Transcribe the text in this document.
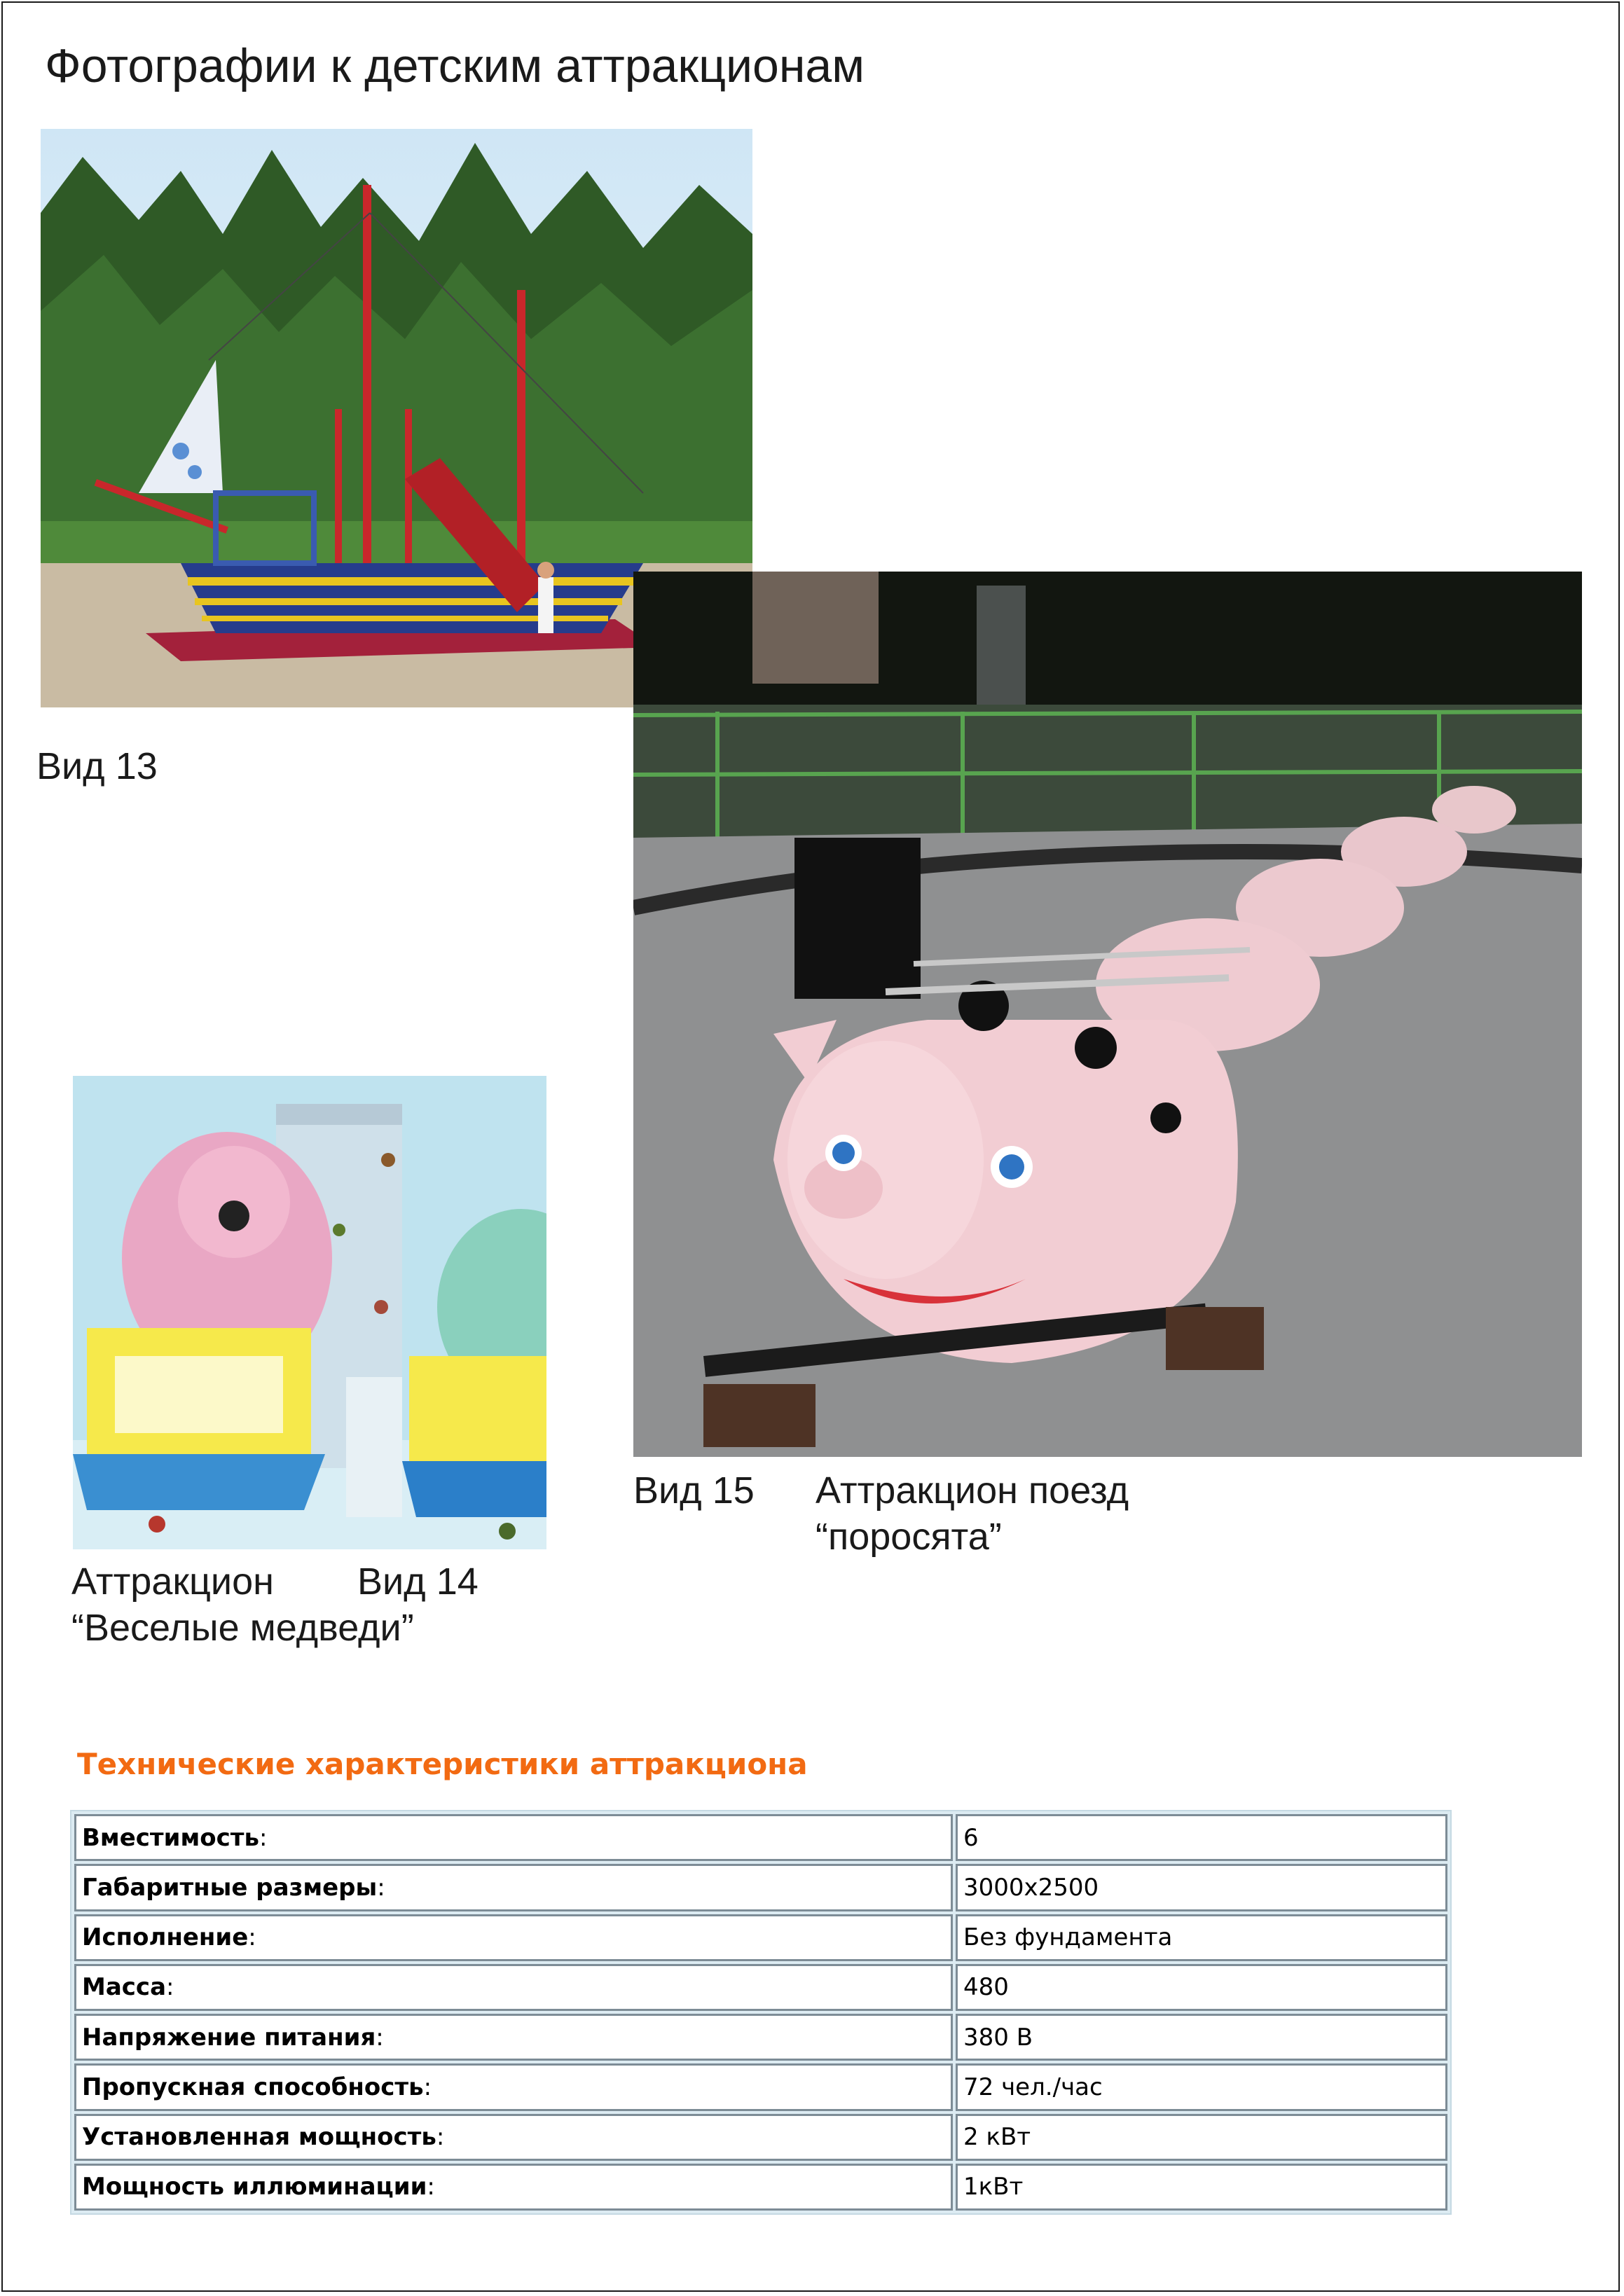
Фотографии к детским аттракционам
Вид 13
Вид 15 Аттракцион поезд
“поросята”
Аттракцион Вид 14
“Веселые медведи”
Технические характеристики аттракциона
Вместимость:	6
Габаритные размеры:	3000x2500
Исполнение:	Без фундамента
Масса:	480
Напряжение питания:	380 В
Пропускная способность:	72 чел./час
Установленная мощность:	2 кВт
Мощность иллюминации:	1кВт
